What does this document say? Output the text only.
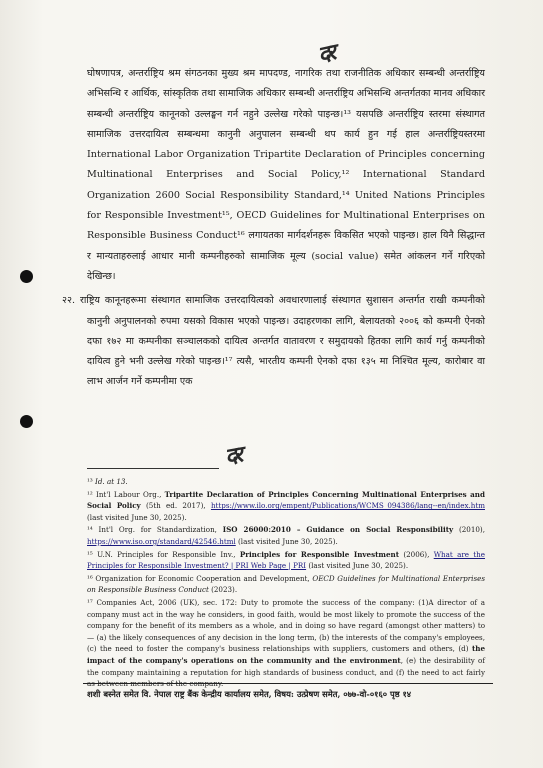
दर

घोषणापत्र, अन्तर्राष्ट्रिय श्रम संगठनका मुख्य श्रम मापदण्ड, नागरिक तथा राजनीतिक अधिकार सम्बन्धी अन्तर्राष्ट्रिय अभिसन्धि र आर्थिक, सांस्कृतिक तथा सामाजिक अधिकार सम्बन्धी अन्तर्राष्ट्रिय अभिसन्धि अन्तर्गतका मानव अधिकार सम्बन्धी अन्तर्राष्ट्रिय कानूनको उल्लङ्घन गर्न नहुने उल्लेख गरेको पाइन्छ।¹³ यसपछि अन्तर्राष्ट्रिय स्तरमा संस्थागत सामाजिक उत्तरदायित्व सम्बन्धमा कानुनी अनुपालन सम्बन्धी थप कार्य हुन गई हाल अन्तर्राष्ट्रियस्तरमा International Labor Organization Tripartite Declaration of Principles concerning Multinational Enterprises and Social Policy,¹² International Standard Organization 2600 Social Responsibility Standard,¹⁴ United Nations Principles for Responsible Investment¹⁵, OECD Guidelines for Multinational Enterprises on Responsible Business Conduct¹⁶ लगायतका मार्गदर्शनहरू विकसित भएको पाइन्छ। हाल यिनै सिद्धान्त र मान्यताहरुलाई आधार मानी कम्पनीहरुको सामाजिक मूल्य (social value) समेत आंकलन गर्ने गरिएको देखिन्छ।

२२. राष्ट्रिय कानूनहरूमा संस्थागत सामाजिक उत्तरदायित्वको अवधारणालाई संस्थागत सुशासन अन्तर्गत राखी कम्पनीको कानुनी अनुपालनको रुपमा यसको विकास भएको पाइन्छ। उदाहरणका लागि, बेलायतको २००६ को कम्पनी ऐनको दफा १७२ मा कम्पनीका सञ्चालकको दायित्व अन्तर्गत वातावरण र समुदायको हितका लागि कार्य गर्नु कम्पनीको दायित्व हुने भनी उल्लेख गरेको पाइन्छ।¹⁷ त्यसै, भारतीय कम्पनी ऐनको दफा १३५ मा निश्चित मूल्य, कारोबार वा लाभ आर्जन गर्ने कम्पनीमा एक

दर

¹³ Id. at 13.

¹² Int'l Labour Org., Tripartite Declaration of Principles Concerning Multinational Enterprises and Social Policy (5th ed. 2017), https://www.ilo.org/empent/Publications/WCMS_094386/lang--en/index.htm (last visited June 30, 2025).

¹⁴ Int'l Org. for Standardization, ISO 26000:2010 – Guidance on Social Responsibility (2010), https://www.iso.org/standard/42546.html (last visited June 30, 2025).

¹⁵ U.N. Principles for Responsible Inv., Principles for Responsible Investment (2006), What are the Principles for Responsible Investment? | PRI Web Page | PRI (last visited June 30, 2025).

¹⁶ Organization for Economic Cooperation and Development, OECD Guidelines for Multinational Enterprises on Responsible Business Conduct (2023).

¹⁷ Companies Act, 2006 (UK), sec. 172: Duty to promote the success of the company: (1)A director of a company must act in the way he considers, in good faith, would be most likely to promote the success of the company for the benefit of its members as a whole, and in doing so have regard (amongst other matters) to — (a) the likely consequences of any decision in the long term, (b) the interests of the company's employees, (c) the need to foster the company's business relationships with suppliers, customers and others, (d) the impact of the company's operations on the community and the environment, (e) the desirability of the company maintaining a reputation for high standards of business conduct, and (f) the need to act fairly as between members of the company.

शशी बस्नेत समेत वि. नेपाल राष्ट्र बैंक केन्द्रीय कार्यालय समेत, विषय: उत्प्रेषण समेत, ०७७-वो-०१६० पृष्ठ १४
